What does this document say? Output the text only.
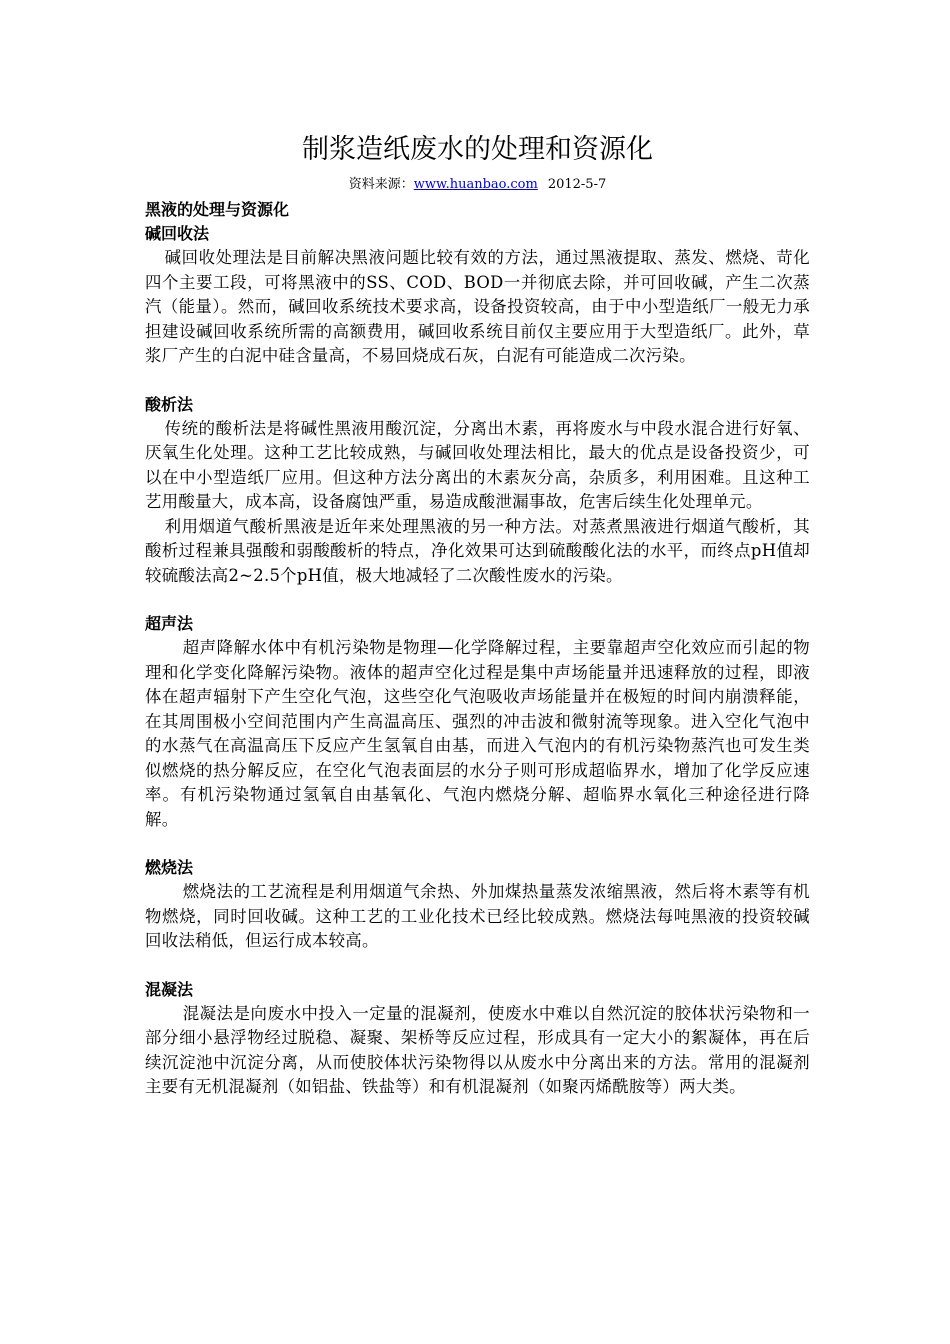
制浆造纸废水的处理和资源化
资料来源：www.huanbao.com 2012-5-7
黑液的处理与资源化
碱回收法
碱回收处理法是目前解决黑液问题比较有效的方法，通过黑液提取、蒸发、燃烧、苛化四个主要工段，可将黑液中的SS、COD、BOD一并彻底去除，并可回收碱，产生二次蒸汽（能量）。然而，碱回收系统技术要求高，设备投资较高，由于中小型造纸厂一般无力承担建设碱回收系统所需的高额费用，碱回收系统目前仅主要应用于大型造纸厂。此外，草浆厂产生的白泥中硅含量高，不易回烧成石灰，白泥有可能造成二次污染。
酸析法
传统的酸析法是将碱性黑液用酸沉淀，分离出木素，再将废水与中段水混合进行好氧、厌氧生化处理。这种工艺比较成熟，与碱回收处理法相比，最大的优点是设备投资少，可以在中小型造纸厂应用。但这种方法分离出的木素灰分高，杂质多，利用困难。且这种工艺用酸量大，成本高，设备腐蚀严重，易造成酸泄漏事故，危害后续生化处理单元。
利用烟道气酸析黑液是近年来处理黑液的另一种方法。对蒸煮黑液进行烟道气酸析，其酸析过程兼具强酸和弱酸酸析的特点，净化效果可达到硫酸酸化法的水平，而终点pH值却较硫酸法高2~2.5个pH值，极大地减轻了二次酸性废水的污染。
超声法
超声降解水体中有机污染物是物理—化学降解过程，主要靠超声空化效应而引起的物理和化学变化降解污染物。液体的超声空化过程是集中声场能量并迅速释放的过程，即液体在超声辐射下产生空化气泡，这些空化气泡吸收声场能量并在极短的时间内崩溃释能，在其周围极小空间范围内产生高温高压、强烈的冲击波和微射流等现象。进入空化气泡中的水蒸气在高温高压下反应产生氢氧自由基，而进入气泡内的有机污染物蒸汽也可发生类似燃烧的热分解反应，在空化气泡表面层的水分子则可形成超临界水，增加了化学反应速率。有机污染物通过氢氧自由基氧化、气泡内燃烧分解、超临界水氧化三种途径进行降解。
燃烧法
燃烧法的工艺流程是利用烟道气余热、外加煤热量蒸发浓缩黑液，然后将木素等有机物燃烧，同时回收碱。这种工艺的工业化技术已经比较成熟。燃烧法每吨黑液的投资较碱回收法稍低，但运行成本较高。
混凝法
混凝法是向废水中投入一定量的混凝剂，使废水中难以自然沉淀的胶体状污染物和一部分细小悬浮物经过脱稳、凝聚、架桥等反应过程，形成具有一定大小的絮凝体，再在后续沉淀池中沉淀分离，从而使胶体状污染物得以从废水中分离出来的方法。常用的混凝剂主要有无机混凝剂（如铝盐、铁盐等）和有机混凝剂（如聚丙烯酰胺等）两大类。
